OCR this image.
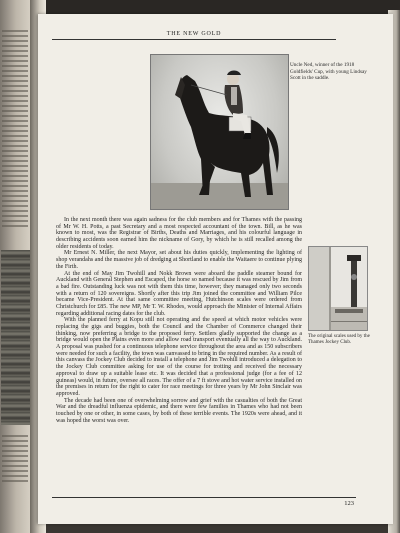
THE NEW GOLD
Uncle Ned, winner of the 1918 Goldfields' Cup, with young Lindsay Scott in the saddle.

In the next month there was again sadness for the club members and for Thames with the passing of Mr W. H. Potts, a past Secretary and a most respected accountant of the town. Bill, as he was known to most, was the Registrar of Births, Deaths and Marriages, and his colourful language in describing accidents soon earned him the nickname of Gory, by which he is still recalled among the older residents of today.

Mr Ernest N. Miller, the next Mayor, set about his duties quickly, implementing the lighting of shop verandahs and the massive job of dredging at Shortland to enable the Waitaere to continue plying the Firth.

At the end of May Jim Twohill and Nokk Brown were aboard the paddle steamer bound for Auckland with General Stephen and Escaped, the horse so named because it was rescued by Jim from a bad fire. Outstanding luck was not with them this time, however; they managed only two seconds with a return of 120 sovereigns. Shortly after this trip Jim joined the committee and William Pilce became Vice-President. At that same committee meeting, Hutchinson scales were ordered from Christchurch for £85. The new MP, Mr T. W. Rhodes, would approach the Minister of Internal Affairs regarding additional racing dates for the club.

With the planned ferry at Kopu still not operating and the speed at which motor vehicles were replacing the gigs and buggies, both the Council and the Chamber of Commerce changed their thinking, now preferring a bridge to the proposed ferry. Settlers gladly supported the change as a bridge would open the Plains even more and allow road transport eventually all the way to Auckland. A proposal was pushed for a continuous telephone service throughout the area and as 150 subscribers were needed for such a facility, the town was canvassed to bring in the required number. As a result of this canvass the Jockey Club decided to install a telephone and Jim Twohill introduced a delegation to the Jockey Club committee asking for use of the course for trotting and received the necessary approval to draw up a suitable lease etc. It was decided that a professional judge (for a fee of 12 guineas) would, in future, oversee all races. The offer of a 7 ft stove and hot water service installed on the premises in return for the right to cater for race meetings for three years by Mr John Sinclair was approved.

The decade had been one of overwhelming sorrow and grief with the casualties of both the Great War and the dreadful influenza epidemic, and there were few families in Thames who had not been touched by one or other, in some cases, by both of these terrible events. The 1920s were ahead, and it was hoped the worst was over.

The original scales used by the Thames Jockey Club.
123
